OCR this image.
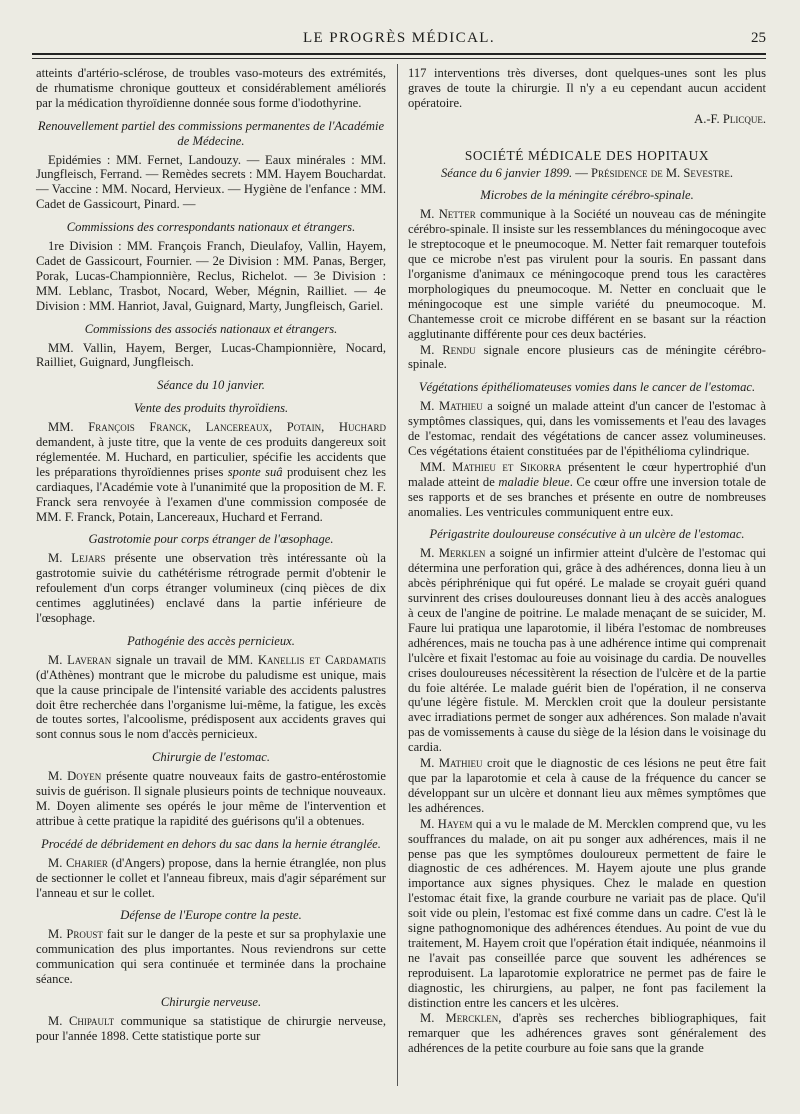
LE PROGRÈS MÉDICAL.	25

atteints d'artério-sclérose, de troubles vaso-moteurs des extrémités, de rhumatisme chronique goutteux et considérablement améliorés par la médication thyroïdienne donnée sous forme d'iodothyrine.

Renouvellement partiel des commissions permanentes de l'Académie de Médecine.

Epidémies : MM. Fernet, Landouzy. — Eaux minérales : MM. Jungfleisch, Ferrand. — Remèdes secrets : MM. Hayem Bouchardat. — Vaccine : MM. Nocard, Hervieux. — Hygiène de l'enfance : MM. Cadet de Gassicourt, Pinard. —

Commissions des correspondants nationaux et étrangers.

1re Division : MM. François Franch, Dieulafoy, Vallin, Hayem, Cadet de Gassicourt, Fournier. — 2e Division : MM. Panas, Berger, Porak, Lucas-Championnière, Reclus, Richelot. — 3e Division : MM. Leblanc, Trasbot, Nocard, Weber, Mégnin, Railliet. — 4e Division : MM. Hanriot, Javal, Guignard, Marty, Jungfleisch, Gariel.

Commissions des associés nationaux et étrangers.

MM. Vallin, Hayem, Berger, Lucas-Championnière, Nocard, Railliet, Guignard, Jungfleisch.

Séance du 10 janvier.
Vente des produits thyroïdiens.

MM. François Franck, Lancereaux, Potain, Huchard demandent, à juste titre, que la vente de ces produits dangereux soit réglementée. M. Huchard, en particulier, spécifie les accidents que les préparations thyroïdiennes prises sponte suâ produisent chez les cardiaques, l'Académie vote à l'unanimité que la proposition de M. F. Franck sera renvoyée à l'examen d'une commission composée de MM. F. Franck, Potain, Lancereaux, Huchard et Ferrand.

Gastrotomie pour corps étranger de l'œsophage.

M. Lejars présente une observation très intéressante où la gastrotomie suivie du cathétérisme rétrograde permit d'obtenir le refoulement d'un corps étranger volumineux (cinq pièces de dix centimes agglutinées) enclavé dans la partie inférieure de l'œsophage.

Pathogénie des accès pernicieux.

M. Laveran signale un travail de MM. Kanellis et Cardamatis (d'Athènes) montrant que le microbe du paludisme est unique, mais que la cause principale de l'intensité variable des accidents palustres doit être recherchée dans l'organisme lui-même, la fatigue, les excès de toutes sortes, l'alcoolisme, prédisposent aux accidents graves qui sont connus sous le nom d'accès pernicieux.

Chirurgie de l'estomac.

M. Doyen présente quatre nouveaux faits de gastro-entérostomie suivis de guérison. Il signale plusieurs points de technique nouveaux. M. Doyen alimente ses opérés le jour même de l'intervention et attribue à cette pratique la rapidité des guérisons qu'il a obtenues.

Procédé de débridement en dehors du sac dans la hernie étranglée.

M. Charier (d'Angers) propose, dans la hernie étranglée, non plus de sectionner le collet et l'anneau fibreux, mais d'agir séparément sur l'anneau et sur le collet.

Défense de l'Europe contre la peste.

M. Proust fait sur le danger de la peste et sur sa prophylaxie une communication des plus importantes. Nous reviendrons sur cette communication qui sera continuée et terminée dans la prochaine séance.

Chirurgie nerveuse.

M. Chipault communique sa statistique de chirurgie nerveuse, pour l'année 1898. Cette statistique porte sur

117 interventions très diverses, dont quelques-unes sont les plus graves de toute la chirurgie. Il n'y a eu cependant aucun accident opératoire.

A.-F. Plicque.

SOCIÉTÉ MÉDICALE DES HOPITAUX
Séance du 6 janvier 1899. — Présidence de M. Sevestre.
Microbes de la méningite cérébro-spinale.

M. Netter communique à la Société un nouveau cas de méningite cérébro-spinale. Il insiste sur les ressemblances du méningocoque avec le streptocoque et le pneumocoque. M. Netter fait remarquer toutefois que ce microbe n'est pas virulent pour la souris. En passant dans l'organisme d'animaux ce méningocoque prend tous les caractères morphologiques du pneumocoque. M. Netter en concluait que le méningocoque est une simple variété du pneumocoque. M. Chantemesse croit ce microbe différent en se basant sur la réaction agglutinante différente pour ces deux bactéries.

M. Rendu signale encore plusieurs cas de méningite cérébro-spinale.

Végétations épithéliomateuses vomies dans le cancer de l'estomac.

M. Mathieu a soigné un malade atteint d'un cancer de l'estomac à symptômes classiques, qui, dans les vomissements et l'eau des lavages de l'estomac, rendait des végétations de cancer assez volumineuses. Ces végétations étaient constituées par de l'épithélioma cylindrique.

MM. Mathieu et Sikorra présentent le cœur hypertrophié d'un malade atteint de maladie bleue. Ce cœur offre une inversion totale de ses rapports et de ses branches et présente en outre de nombreuses anomalies. Les ventricules communiquent entre eux.

Périgastrite douloureuse consécutive à un ulcère de l'estomac.

M. Merklen a soigné un infirmier atteint d'ulcère de l'estomac qui détermina une perforation qui, grâce à des adhérences, donna lieu à un abcès périphrénique qui fut opéré. Le malade se croyait guéri quand survinrent des crises douloureuses donnant lieu à des accès analogues à ceux de l'angine de poitrine. Le malade menaçant de se suicider, M. Faure lui pratiqua une laparotomie, il libéra l'estomac de nombreuses adhérences, mais ne toucha pas à une adhérence intime qui comprenait l'ulcère et fixait l'estomac au foie au voisinage du cardia. De nouvelles crises douloureuses nécessitèrent la résection de l'ulcère et de la partie du foie altérée. Le malade guérit bien de l'opération, il ne conserva qu'une légère fistule. M. Mercklen croit que la douleur persistante avec irradiations permet de songer aux adhérences. Son malade n'avait pas de vomissements à cause du siège de la lésion dans le voisinage du cardia.

M. Mathieu croit que le diagnostic de ces lésions ne peut être fait que par la laparotomie et cela à cause de la fréquence du cancer se développant sur un ulcère et donnant lieu aux mêmes symptômes que les adhérences.

M. Hayem qui a vu le malade de M. Mercklen comprend que, vu les souffrances du malade, on ait pu songer aux adhérences, mais il ne pense pas que les symptômes douloureux permettent de faire le diagnostic de ces adhérences. M. Hayem ajoute une plus grande importance aux signes physiques. Chez le malade en question l'estomac était fixe, la grande courbure ne variait pas de place. Qu'il soit vide ou plein, l'estomac est fixé comme dans un cadre. C'est là le signe pathognomonique des adhérences étendues. Au point de vue du traitement, M. Hayem croit que l'opération était indiquée, néanmoins il ne l'avait pas conseillée parce que souvent les adhérences se reproduisent. La laparotomie exploratrice ne permet pas de faire le diagnostic, les chirurgiens, au palper, ne font pas facilement la distinction entre les cancers et les ulcères.

M. Mercklen, d'après ses recherches bibliographiques, fait remarquer que les adhérences graves sont généralement des adhérences de la petite courbure au foie sans que la grande
